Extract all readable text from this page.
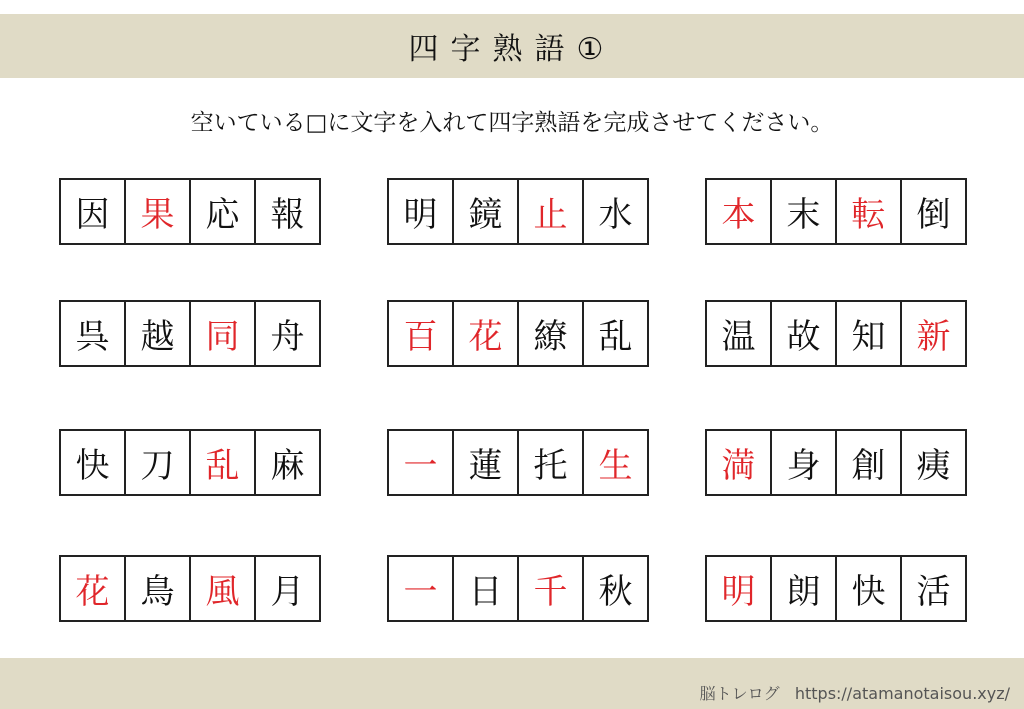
四字熟語①
空いている□に文字を入れて四字熟語を完成させてください。
因 果 応 報	明 鏡 止 水	本 末 転 倒
呉 越 同 舟	百 花 繚 乱	温 故 知 新
快 刀 乱 麻	一 蓮 托 生	満 身 創 痍
花 鳥 風 月	一 日 千 秋	明 朗 快 活
脳トレログ https://atamanotaisou.xyz/
